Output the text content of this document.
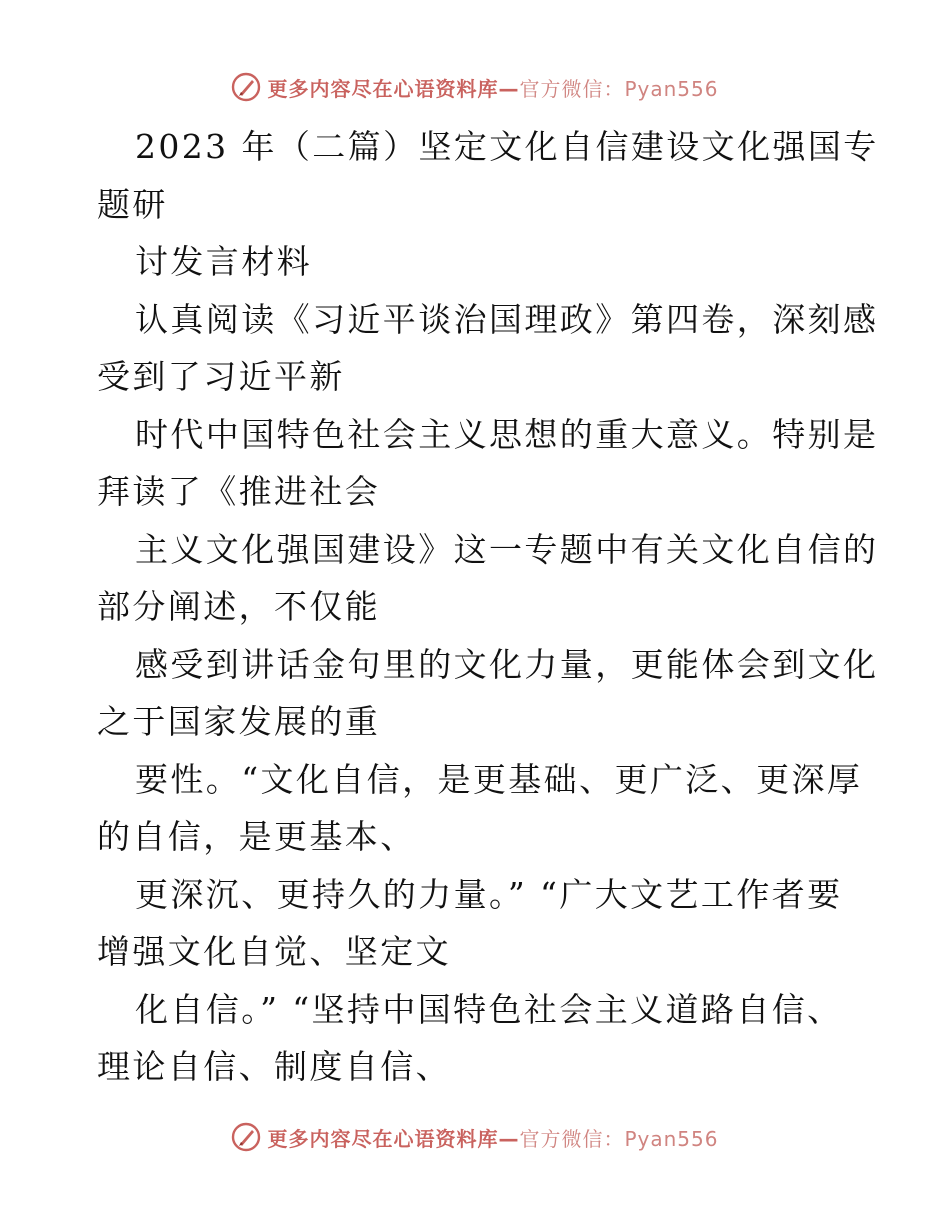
更多内容尽在心语资料库—官方微信：Pyan556
2023 年（二篇）坚定文化自信建设文化强国专
题研
讨发言材料
认真阅读《习近平谈治国理政》第四卷，深刻感
受到了习近平新
时代中国特色社会主义思想的重大意义。特别是
拜读了《推进社会
主义文化强国建设》这一专题中有关文化自信的
部分阐述，不仅能
感受到讲话金句里的文化力量，更能体会到文化
之于国家发展的重
要性。“文化自信，是更基础、更广泛、更深厚
的自信，是更基本、
更深沉、更持久的力量。” “广大文艺工作者要
增强文化自觉、坚定文
化自信。” “坚持中国特色社会主义道路自信、
理论自信、制度自信、
更多内容尽在心语资料库—官方微信：Pyan556
